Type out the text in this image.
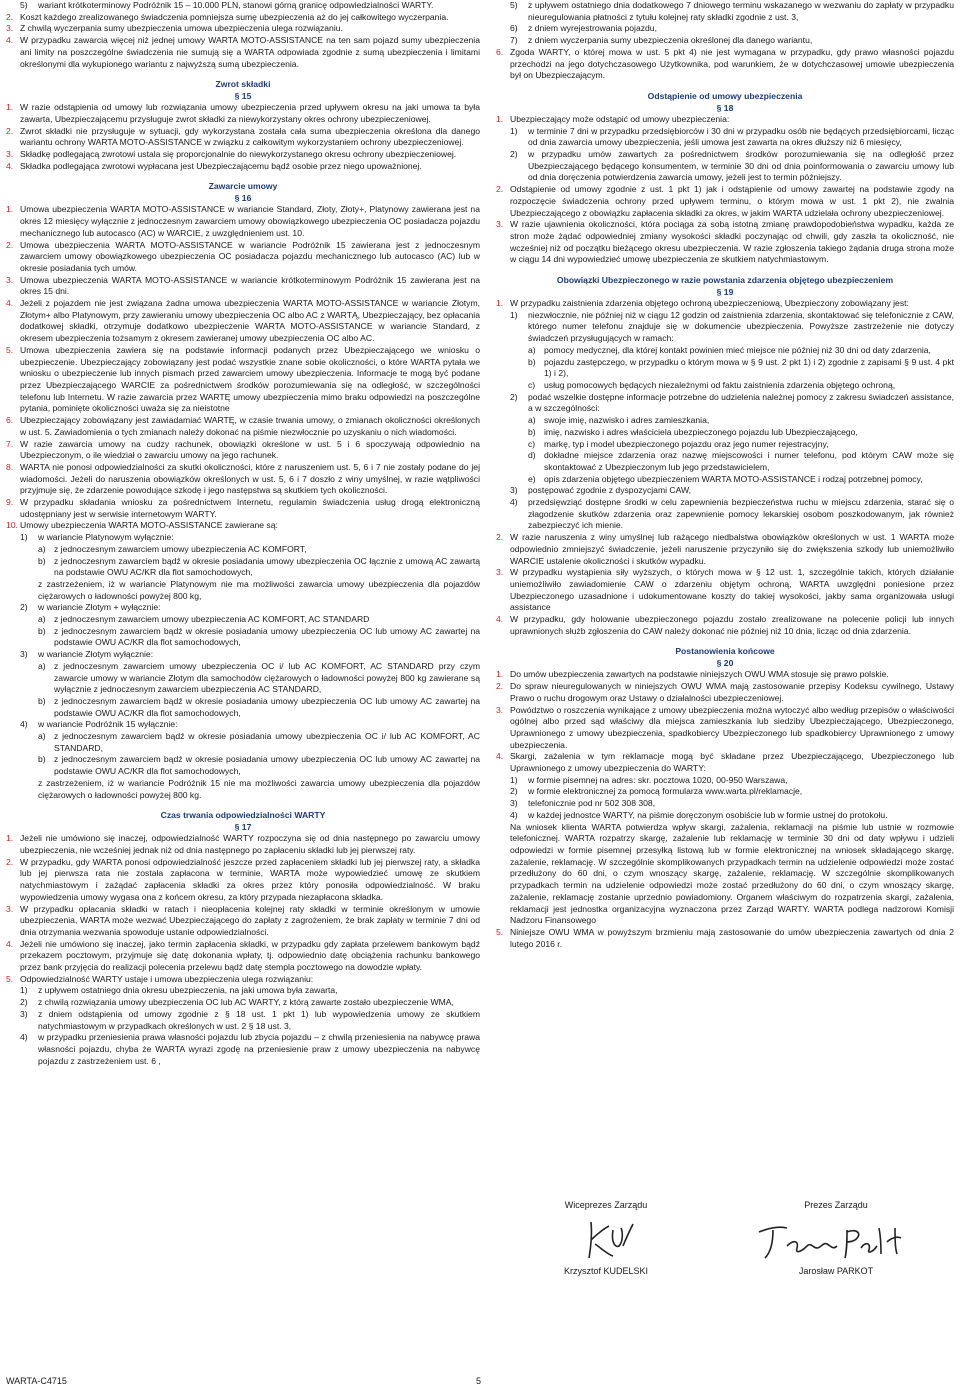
5) wariant krótkoterminowy Podróżnik 15 – 10.000 PLN, stanowi górną granicę odpowiedzialności WARTY.
2. Koszt każdego zrealizowanego świadczenia pomniejsza sumę ubezpieczenia aż do jej całkowitego wyczerpania.
3. Z chwilą wyczerpania sumy ubezpieczenia umowa ubezpieczenia ulega rozwiązaniu.
4. W przypadku zawarcia więcej niż jednej umowy WARTA MOTO-ASSISTANCE na ten sam pojazd sumy ubezpieczenia ani limity na poszczególne świadczenia nie sumują się a WARTA odpowiada zgodnie z sumą ubezpieczenia i limitami określonymi dla wykupionego wariantu z najwyższą sumą ubezpieczenia.
Zwrot składki
§ 15
1. W razie odstąpienia od umowy lub rozwiązania umowy ubezpieczenia przed upływem okresu na jaki umowa ta była zawarta, Ubezpieczającemu przysługuje zwrot składki za niewykorzystany okres ochrony ubezpieczeniowej.
2. Zwrot składki nie przysługuje w sytuacji, gdy wykorzystana została cała suma ubezpieczenia określona dla danego wariantu ochrony WARTA MOTO-ASSISTANCE w związku z całkowitym wykorzystaniem ochrony ubezpieczeniowej.
3. Składkę podlegającą zwrotowi ustala się proporcjonalnie do niewykorzystanego okresu ochrony ubezpieczeniowej.
4. Składka podlegająca zwrotowi wypłacana jest Ubezpieczającemu bądź osobie przez niego upoważnionej.
Zawarcie umowy
§ 16
1. Umowa ubezpieczenia WARTA MOTO-ASSISTANCE w wariancie Standard, Złoty, Złoty+, Platynowy zawierana jest na okres 12 miesięcy wyłącznie z jednoczesnym zawarciem umowy obowiązkowego ubezpieczenia OC posiadacza pojazdu mechanicznego lub autocasco (AC) w WARCIE, z uwzględnieniem ust. 10.
2. Umowa ubezpieczenia WARTA MOTO-ASSISTANCE w wariancie Podróżnik 15 zawierana jest z jednoczesnym zawarciem umowy obowiązkowego ubezpieczenia OC posiadacza pojazdu mechanicznego lub autocasco (AC) lub w okresie posiadania tych umów.
3. Umowa ubezpieczenia WARTA MOTO-ASSISTANCE w wariancie krótkoterminowym Podróżnik 15 zawierana jest na okres 15 dni.
4. Jeżeli z pojazdem nie jest związana żadna umowa ubezpieczenia WARTA MOTO-ASSISTANCE w wariancie Złotym, Złotym+ albo Platynowym, przy zawieraniu umowy ubezpieczenia OC albo AC z WARTĄ, Ubezpieczający, bez opłacania dodatkowej składki, otrzymuje dodatkowo ubezpieczenie WARTA MOTO-ASSISTANCE w wariancie Standard, z okresem ubezpieczenia tożsamym z okresem zawieranej umowy ubezpieczenia OC albo AC.
5. Umowa ubezpieczenia zawiera się na podstawie informacji podanych przez Ubezpieczającego we wniosku o ubezpieczenie. Ubezpieczający zobowiązany jest podać wszystkie znane sobie okoliczności, o które WARTA pytała we wniosku o ubezpieczenie lub innych pismach przed zawarciem umowy ubezpieczenia. Informacje te mogą być podane przez Ubezpieczającego WARCIE za pośrednictwem środków porozumiewania się na odległość, w szczególności telefonu lub Internetu. W razie zawarcia przez WARTĘ umowy ubezpieczenia mimo braku odpowiedzi na poszczególne pytania, pominięte okoliczności uważa się za nieistotne
6. Ubezpieczający zobowiązany jest zawiadamiać WARTĘ, w czasie trwania umowy, o zmianach okoliczności określonych w ust. 5. Zawiadomienia o tych zmianach należy dokonać na piśmie niezwłocznie po uzyskaniu o nich wiadomości.
7. W razie zawarcia umowy na cudzy rachunek, obowiązki określone w ust. 5 i 6 spoczywają odpowiednio na Ubezpieczonym, o ile wiedział o zawarciu umowy na jego rachunek.
8. WARTA nie ponosi odpowiedzialności za skutki okoliczności, które z naruszeniem ust. 5, 6 i 7 nie zostały podane do jej wiadomości. Jeżeli do naruszenia obowiązków określonych w ust. 5, 6 i 7 doszło z winy umyślnej, w razie wątpliwości przyjmuje się, że zdarzenie powodujące szkodę i jego następstwa są skutkiem tych okoliczności.
9. W przypadku składania wniosku za pośrednictwem Internetu, regulamin świadczenia usług drogą elektroniczną udostępniany jest w serwisie internetowym WARTY.
10. Umowy ubezpieczenia WARTA MOTO-ASSISTANCE zawierane są:
1) w wariancie Platynowym wyłącznie:
a) z jednoczesnym zawarciem umowy ubezpieczenia AC KOMFORT,
b) z jednoczesnym zawarciem bądź w okresie posiadania umowy ubezpieczenia OC łącznie z umową AC zawartą na podstawie OWU AC/KR dla flot samochodowych,
z zastrzeżeniem, iż w wariancie Platynowym nie ma możliwości zawarcia umowy ubezpieczenia dla pojazdów ciężarowych o ładowności powyżej 800 kg,
2) w wariancie Złotym + wyłącznie:
a) z jednoczesnym zawarciem umowy ubezpieczenia AC KOMFORT, AC STANDARD
b) z jednoczesnym zawarciem bądź w okresie posiadania umowy ubezpieczenia OC lub umowy AC zawartej na podstawie OWU AC/KR dla flot samochodowych,
3) w wariancie Złotym wyłącznie:
a) z jednoczesnym zawarciem umowy ubezpieczenia OC i/ lub AC KOMFORT, AC STANDARD przy czym zawarcie umowy w wariancie Złotym dla samochodów ciężarowych o ładowności powyżej 800 kg zawierane są wyłącznie z jednoczesnym zawarciem ubezpieczenia AC STANDARD,
b) z jednoczesnym zawarciem bądź w okresie posiadania umowy ubezpieczenia OC lub umowy AC zawartej na podstawie OWU AC/KR dla flot samochodowych,
4) w wariancie Podróżnik 15 wyłącznie:
a) z jednoczesnym zawarciem bądź w okresie posiadania umowy ubezpieczenia OC i/ lub AC KOMFORT, AC STANDARD,
b) z jednoczesnym zawarciem bądź w okresie posiadania umowy ubezpieczenia OC lub umowy AC zawartej na podstawie OWU AC/KR dla flot samochodowych,
z zastrzeżeniem, iż w wariancie Podróżnik 15 nie ma możliwości zawarcia umowy ubezpieczenia dla pojazdów ciężarowych o ładowności powyżej 800 kg.
Czas trwania odpowiedzialności WARTY
§ 17
1. Jeżeli nie umówiono się inaczej, odpowiedzialność WARTY rozpoczyna się od dnia następnego po zawarciu umowy ubezpieczenia, nie wcześniej jednak niż od dnia następnego po zapłaceniu składki lub jej pierwszej raty.
2. W przypadku, gdy WARTA ponosi odpowiedzialność jeszcze przed zapłaceniem składki lub jej pierwszej raty, a składka lub jej pierwsza rata nie została zapłacona w terminie, WARTA może wypowiedzieć umowę ze skutkiem natychmiastowym i zażądać zapłacenia składki za okres przez który ponosiła odpowiedzialność. W braku wypowiedzenia umowy wygasa ona z końcem okresu, za który przypada niezapłacona składka.
3. W przypadku opłacania składki w ratach i nieopłacenia kolejnej raty składki w terminie określonym w umowie ubezpieczenia, WARTA może wezwać Ubezpieczającego do zapłaty z zagrożeniem, że brak zapłaty w terminie 7 dni od dnia otrzymania wezwania spowoduje ustanie odpowiedzialności.
4. Jeżeli nie umówiono się inaczej, jako termin zapłacenia składki, w przypadku gdy zapłata przelewem bankowym bądź przekazem pocztowym, przyjmuje się datę dokonania wpłaty, tj. odpowiednio datę obciążenia rachunku bankowego przez bank przyjęcia do realizacji polecenia przelewu bądź datę stempla pocztowego na dowodzie wpłaty.
5. Odpowiedzialność WARTY ustaje i umowa ubezpieczenia ulega rozwiązaniu:
1) z upływem ostatniego dnia okresu ubezpieczenia, na jaki umowa była zawarta,
2) z chwilą rozwiązania umowy ubezpieczenia OC lub AC WARTY, z którą zawarte zostało ubezpieczenie WMA,
3) z dniem odstąpienia od umowy zgodnie z § 18 ust. 1 pkt 1) lub wypowiedzenia umowy ze skutkiem natychmiastowym w przypadkach określonych w ust. 2 § 18 ust. 3,
4) w przypadku przeniesienia prawa własności pojazdu lub zbycia pojazdu – z chwilą przeniesienia na nabywcę prawa własności pojazdu, chyba że WARTA wyrazi zgodę na przeniesienie praw z umowy ubezpieczenia na nabywcę pojazdu z zastrzeżeniem ust. 6 ,
5) z upływem ostatniego dnia dodatkowego 7 dniowego terminu wskazanego w wezwaniu do zapłaty w przypadku nieuregulowania płatności z tytułu kolejnej raty składki zgodnie z ust. 3,
6) z dniem wyrejestrowania pojazdu,
7) z dniem wyczerpania sumy ubezpieczenia określonej dla danego wariantu,
6. Zgoda WARTY, o której mowa w ust. 5 pkt 4) nie jest wymagana w przypadku, gdy prawo własności pojazdu przechodzi na jego dotychczasowego Użytkownika, pod warunkiem, że w dotychczasowej umowie ubezpieczenia był on Ubezpieczającym.
Odstąpienie od umowy ubezpieczenia
§ 18
1. Ubezpieczający może odstąpić od umowy ubezpieczenia:
1) w terminie 7 dni w przypadku przedsiębiorców i 30 dni w przypadku osób nie będących przedsiębiorcami, licząc od dnia zawarcia umowy ubezpieczenia, jeśli umowa jest zawarta na okres dłuższy niż 6 miesięcy,
2) w przypadku umów zawartych za pośrednictwem środków porozumiewania się na odległość przez Ubezpieczającego będącego konsumentem, w terminie 30 dni od dnia poinformowania o zawarciu umowy lub od dnia doręczenia potwierdzenia zawarcia umowy, jeżeli jest to termin późniejszy.
2. Odstąpienie od umowy zgodnie z ust. 1 pkt 1) jak i odstąpienie od umowy zawartej na podstawie zgody na rozpoczęcie świadczenia ochrony przed upływem terminu, o którym mowa w ust. 1 pkt 2), nie zwalnia Ubezpieczającego z obowiązku zapłacenia składki za okres, w jakim WARTA udzielała ochrony ubezpieczeniowej.
3. W razie ujawnienia okoliczności, która pociąga za sobą istotną zmianę prawdopodobieństwa wypadku, każda ze stron może żądać odpowiedniej zmiany wysokości składki poczynając od chwili, gdy zaszła ta okoliczność, nie wcześniej niż od początku bieżącego okresu ubezpieczenia. W razie zgłoszenia takiego żądania druga strona może w ciągu 14 dni wypowiedzieć umowę ubezpieczenia ze skutkiem natychmiastowym.
Obowiązki Ubezpieczonego w razie powstania zdarzenia objętego ubezpieczeniem
§ 19
1. W przypadku zaistnienia zdarzenia objętego ochroną ubezpieczeniową, Ubezpieczony zobowiązany jest:
1) niezwłocznie, nie później niż w ciągu 12 godzin od zaistnienia zdarzenia, skontaktować się telefonicznie z CAW, którego numer telefonu znajduje się w dokumencie ubezpieczenia. Powyższe zastrzeżenie nie dotyczy świadczeń przysługujących w ramach:
a) pomocy medycznej, dla której kontakt powinien mieć miejsce nie później niż 30 dni od daty zdarzenia,
b) pojazdu zastępczego, w przypadku o którym mowa w § 9 ust. 2 pkt 1) i 2) zgodnie z zapisami § 9 ust. 4 pkt 1) i 2),
c) usług pomocowych będących niezależnymi od faktu zaistnienia zdarzenia objętego ochroną,
2) podać wszelkie dostępne informacje potrzebne do udzielenia należnej pomocy z zakresu świadczeń assistance, a w szczególności:
a) swoje imię, nazwisko i adres zamieszkania,
b) imię, nazwisko i adres właściciela ubezpieczonego pojazdu lub Ubezpieczającego,
c) markę, typ i model ubezpieczonego pojazdu oraz jego numer rejestracyjny,
d) dokładne miejsce zdarzenia oraz nazwę miejscowości i numer telefonu, pod którym CAW może się skontaktować z Ubezpieczonym lub jego przedstawicielem,
e) opis zdarzenia objętego ubezpieczeniem WARTA MOTO-ASSISTANCE i rodzaj potrzebnej pomocy,
3) postępować zgodnie z dyspozycjami CAW,
4) przedsięwziąć dostępne środki w celu zapewnienia bezpieczeństwa ruchu w miejscu zdarzenia, starać się o złagodzenie skutków zdarzenia oraz zapewnienie pomocy lekarskiej osobom poszkodowanym, jak również zabezpieczyć ich mienie.
2. W razie naruszenia z winy umyślnej lub rażącego niedbalstwa obowiązków określonych w ust. 1 WARTA może odpowiednio zmniejszyć świadczenie, jeżeli naruszenie przyczyniło się do zwiększenia szkody lub uniemożliwiło WARCIE ustalenie okoliczności i skutków wypadku.
3. W przypadku wystąpienia siły wyższych, o których mowa w § 12 ust. 1, szczególnie takich, których działanie uniemożliwiło zawiadomienie CAW o zdarzeniu objętym ochroną, WARTA uwzględni poniesione przez Ubezpieczonego uzasadnione i udokumentowane koszty do takiej wysokości, jakby sama organizowała usługi assistance
4. W przypadku, gdy holowanie ubezpieczonego pojazdu zostało zrealizowane na polecenie policji lub innych uprawnionych służb zgłoszenia do CAW należy dokonać nie później niż 10 dnia, licząc od dnia zdarzenia.
Postanowienia końcowe
§ 20
1. Do umów ubezpieczenia zawartych na podstawie niniejszych OWU WMA stosuje się prawo polskie.
2. Do spraw nieuregulowanych w niniejszych OWU WMA mają zastosowanie przepisy Kodeksu cywilnego, Ustawy Prawo o ruchu drogowym oraz Ustawy o działalności ubezpieczeniowej.
3. Powództwo o roszczenia wynikające z umowy ubezpieczenia można wytoczyć albo według przepisów o właściwości ogólnej albo przed sąd właściwy dla miejsca zamieszkania lub siedziby Ubezpieczającego, Ubezpieczonego, Uprawnionego z umowy ubezpieczenia, spadkobiercy Ubezpieczonego lub spadkobiercy Uprawnionego z umowy ubezpieczenia.
4. Skargi, zażalenia w tym reklamacje mogą być składane przez Ubezpieczającego, Ubezpieczonego lub Uprawnionego z umowy ubezpieczenia do WARTY:
1) w formie pisemnej na adres: skr. pocztowa 1020, 00-950 Warszawa,
2) w formie elektronicznej za pomocą formularza www.warta.pl/reklamacje,
3) telefonicznie pod nr 502 308 308,
4) w każdej jednostce WARTY, na piśmie doręczonym osobiście lub w formie ustnej do protokołu.
Na wniosek klienta WARTA potwierdza wpływ skargi, zażalenia, reklamacji na piśmie lub ustnie w rozmowie telefonicznej. WARTA rozpatrzy skargę, zażalenie lub reklamację w terminie 30 dni od daty wpływu i udzieli odpowiedzi w formie pisemnej przesyłką listową lub w formie elektronicznej na wniosek składającego skargę, zażalenie, reklamację. W szczególnie skomplikowanych przypadkach termin na udzielenie odpowiedzi może zostać przedłużony do 60 dni, o czym wnoszący skargę, zażalenie, reklamację. W szczególnie skomplikowanych przypadkach termin na udzielenie odpowiedzi może zostać przedłużony do 60 dni, o czym wnoszący skargę, zażalenie, reklamację zostanie uprzednio powiadomiony. Organem właściwym do rozpatrzenia skargi, zażalenia, reklamacji jest jednostka organizacyjna wyznaczona przez Zarząd WARTY. WARTA podlega nadzorowi Komisji Nadzoru Finansowego
5. Niniejsze OWU WMA w powyższym brzmieniu mają zastosowanie do umów ubezpieczenia zawartych od dnia 2 lutego 2016 r.
Wiceprezes Zarządu
Krzysztof KUDELSKI
Prezes Zarządu
Jarosław PARKOT
WARTA-C4715	5
